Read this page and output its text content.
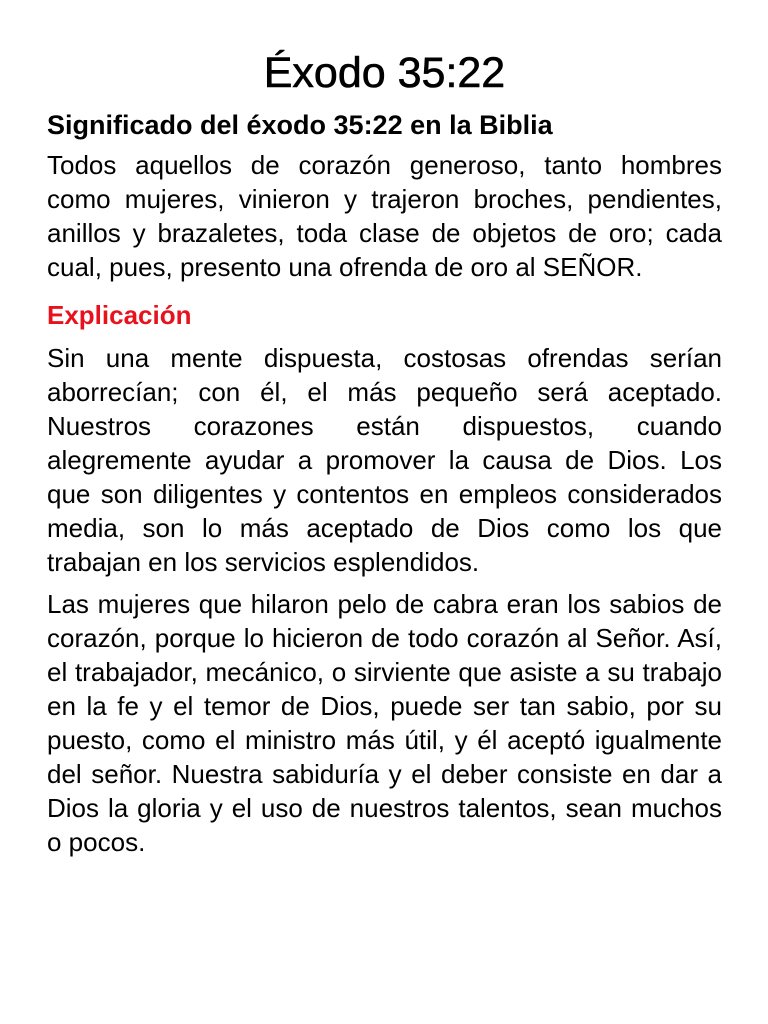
Éxodo 35:22
Significado del éxodo 35:22 en la Biblia

Todos aquellos de corazón generoso, tanto hombres como mujeres, vinieron y trajeron broches, pendientes, anillos y brazaletes, toda clase de objetos de oro; cada cual, pues, presento una ofrenda de oro al SEÑOR.

Explicación

Sin una mente dispuesta, costosas ofrendas serían aborrecían; con él, el más pequeño será aceptado. Nuestros corazones están dispuestos, cuando alegremente ayudar a promover la causa de Dios. Los que son diligentes y contentos en empleos considerados media, son lo más aceptado de Dios como los que trabajan en los servicios esplendidos.

Las mujeres que hilaron pelo de cabra eran los sabios de corazón, porque lo hicieron de todo corazón al Señor. Así, el trabajador, mecánico, o sirviente que asiste a su trabajo en la fe y el temor de Dios, puede ser tan sabio, por su puesto, como el ministro más útil, y él aceptó igualmente del señor. Nuestra sabiduría y el deber consiste en dar a Dios la gloria y el uso de nuestros talentos, sean muchos o pocos.
